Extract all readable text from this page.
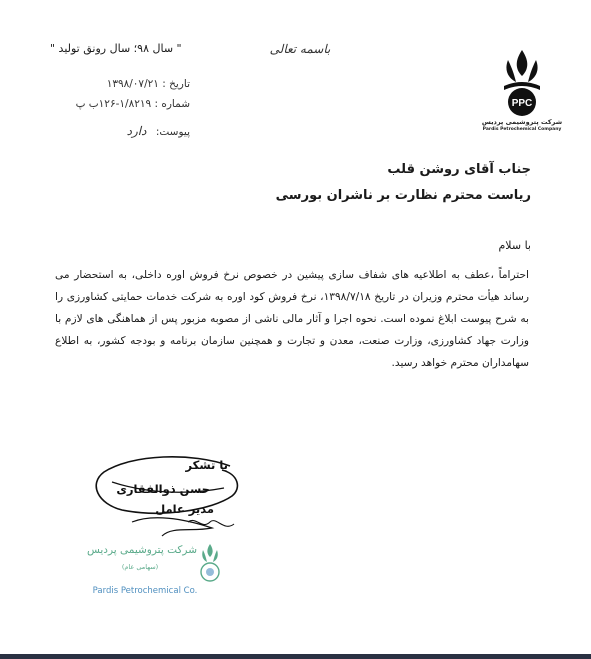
باسمه تعالی
" سال ۹۸؛ سال رونق تولید "
تاریخ : ۱۳۹۸/۰۷/۲۱
شماره : ۱/۸۲۱۹-۱۲۶ب پ
پیوست: دارد
PPC
شرکت پتروشیمی پردیس
Pardis Petrochemical Company
جناب آقای روشن قلب
ریاست محترم نظارت بر ناشران بورسی
با سلام
احتراماً ،عطف به اطلاعیه های شفاف سازی پیشین در خصوص نرخ فروش اوره داخلی، به استحضار می رساند هیأت محترم وزیران در تاریخ ۱۳۹۸/۷/۱۸، نرخ فروش کود اوره به شرکت خدمات حمایتی کشاورزی را به شرح پیوست ابلاغ نموده است. نحوه اجرا و آثار مالی ناشی از مصوبه مزبور پس از هماهنگی های لازم با وزارت جهاد کشاورزی، وزارت صنعت، معدن و تجارت و همچنین سازمان برنامه و بودجه کشور، به اطلاع سهامداران محترم خواهد رسید.
با تشکر
حسن ذوالفقاری
مدیر عامل
شرکت پتروشیمی پردیس
(سهامی عام)
Pardis Petrochemical Co.
